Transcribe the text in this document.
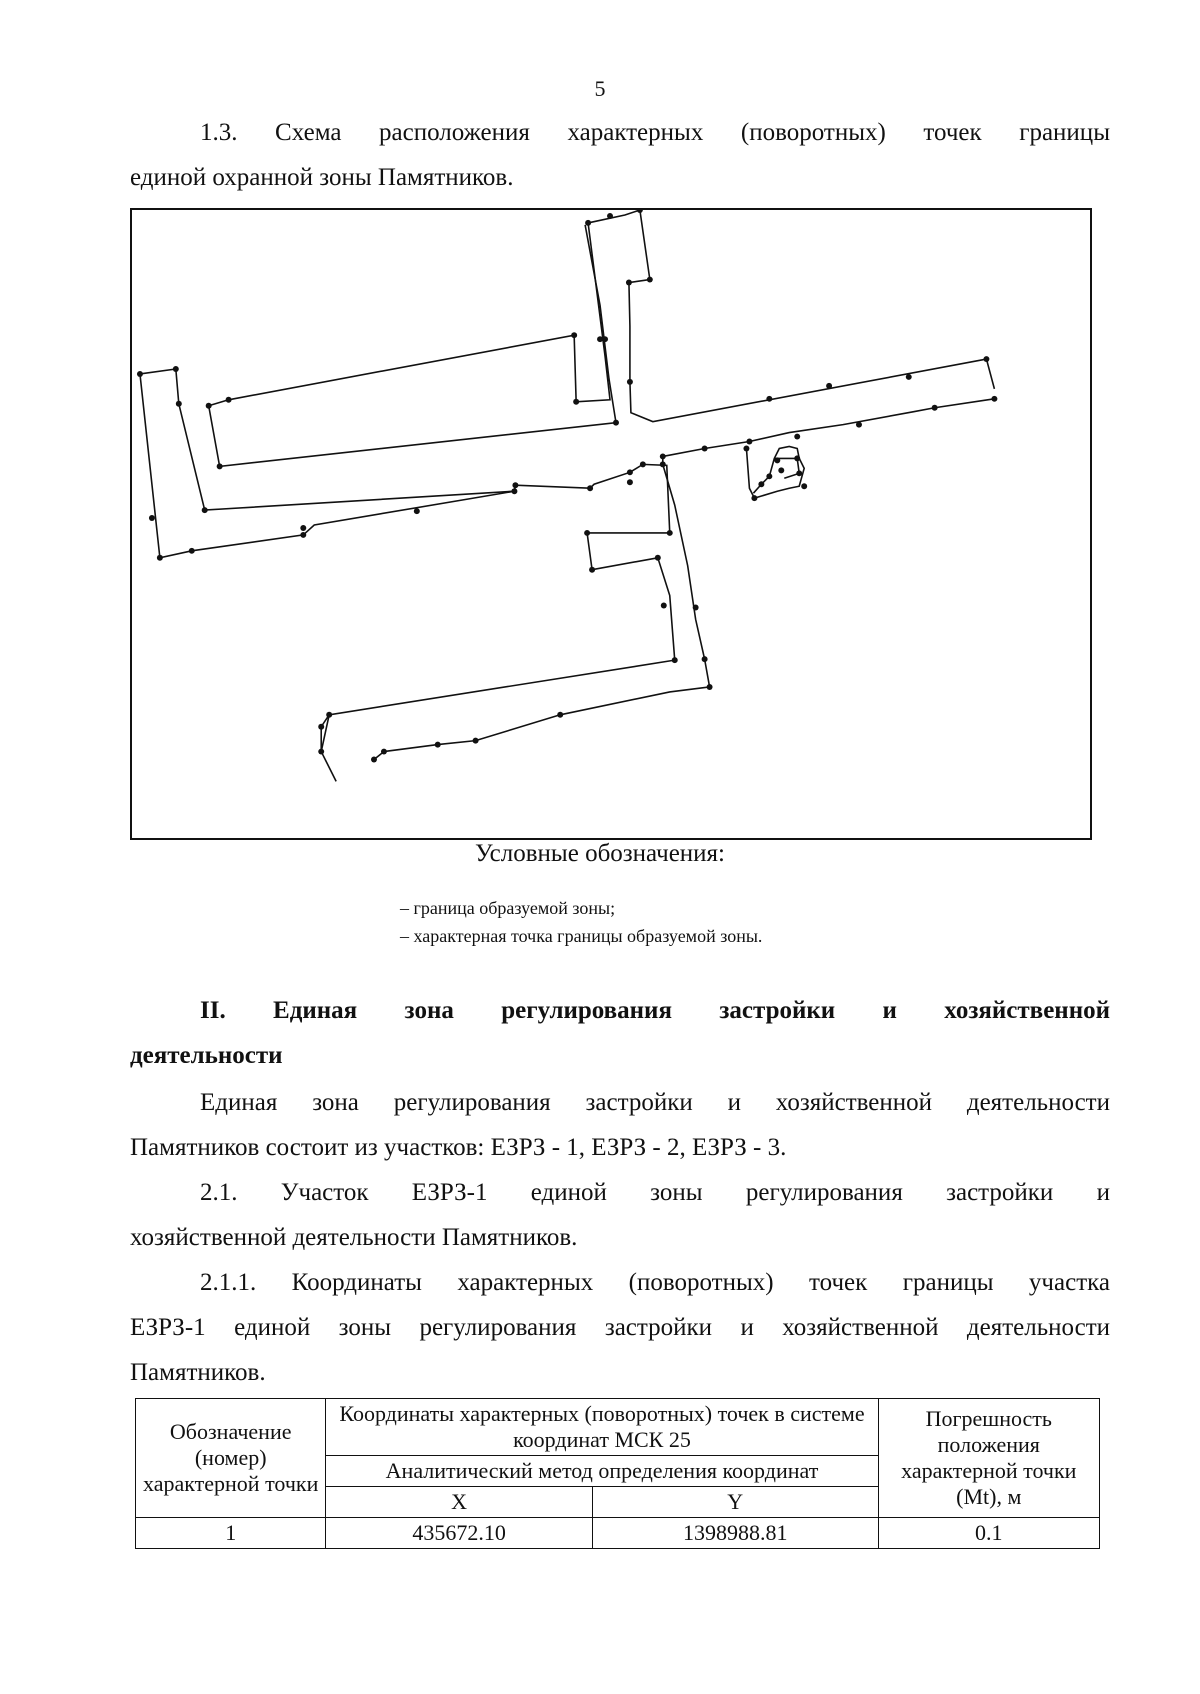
5
1.3. Схема расположения характерных (поворотных) точек границы
единой охранной зоны Памятников.
Условные обозначения:
– граница образуемой зоны;
– характерная точка границы образуемой зоны.
II. Единая зона регулирования застройки и хозяйственной
деятельности
Единая зона регулирования застройки и хозяйственной деятельности
Памятников состоит из участков: ЕЗРЗ - 1, ЕЗРЗ - 2, ЕЗРЗ - 3.
2.1. Участок ЕЗРЗ-1 единой зоны регулирования застройки и
хозяйственной деятельности Памятников.
2.1.1. Координаты характерных (поворотных) точек границы участка
ЕЗРЗ-1 единой зоны регулирования застройки и хозяйственной деятельности
Памятников.
Обозначение (номер) характерной точки	Координаты характерных (поворотных) точек в системе координат МСК 25		Погрешность положения характерной точки (Mt), м
	Аналитический метод определения координат		
	X	Y	
1	435672.10	1398988.81	0.1
